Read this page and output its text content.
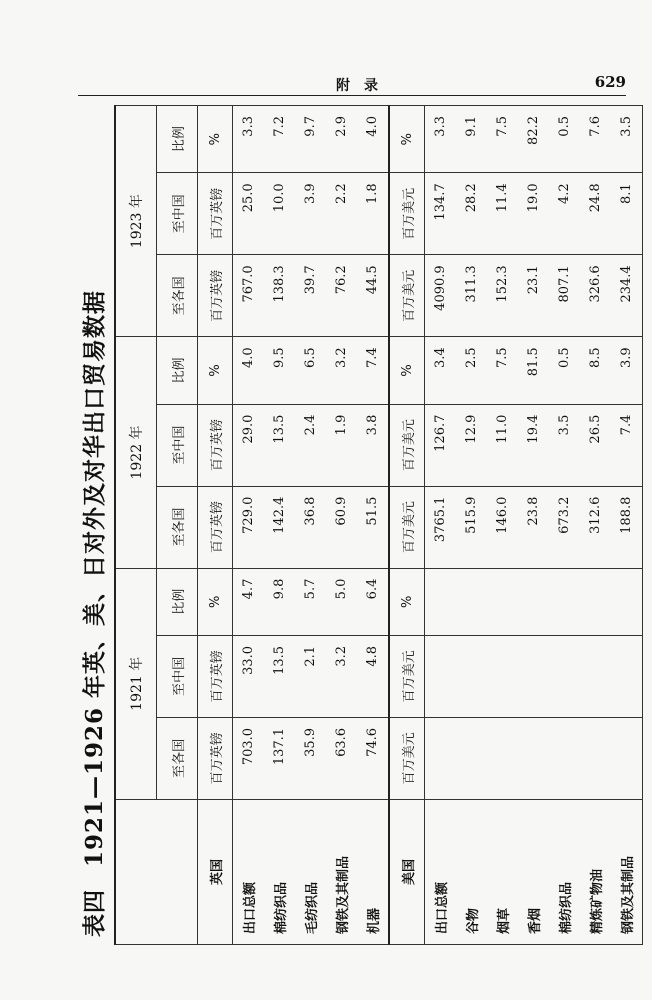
附录	629
表四1921—1926 年英、美、日对外及对华出口贸易数据
	1921 年			1922 年			1923 年		
	至各国	至中国	比例	至各国	至中国	比例	至各国	至中国	比例
英国	百万英镑	百万英镑	%	百万英镑	百万英镑	%	百万英镑	百万英镑	%
出口总额	703.0	33.0	4.7	729.0	29.0	4.0	767.0	25.0	3.3
棉纺织品	137.1	13.5	9.8	142.4	13.5	9.5	138.3	10.0	7.2
毛纺织品	35.9	2.1	5.7	36.8	2.4	6.5	39.7	3.9	9.7
钢铁及其制品	63.6	3.2	5.0	60.9	1.9	3.2	76.2	2.2	2.9
机器	74.6	4.8	6.4	51.5	3.8	7.4	44.5	1.8	4.0
美国	百万美元	百万美元	%	百万美元	百万美元	%	百万美元	百万美元	%
出口总额				3765.1	126.7	3.4	4090.9	134.7	3.3
谷物				515.9	12.9	2.5	311.3	28.2	9.1
烟草				146.0	11.0	7.5	152.3	11.4	7.5
香烟				23.8	19.4	81.5	23.1	19.0	82.2
棉纺织品				673.2	3.5	0.5	807.1	4.2	0.5
精炼矿物油				312.6	26.5	8.5	326.6	24.8	7.6
钢铁及其制品				188.8	7.4	3.9	234.4	8.1	3.5
